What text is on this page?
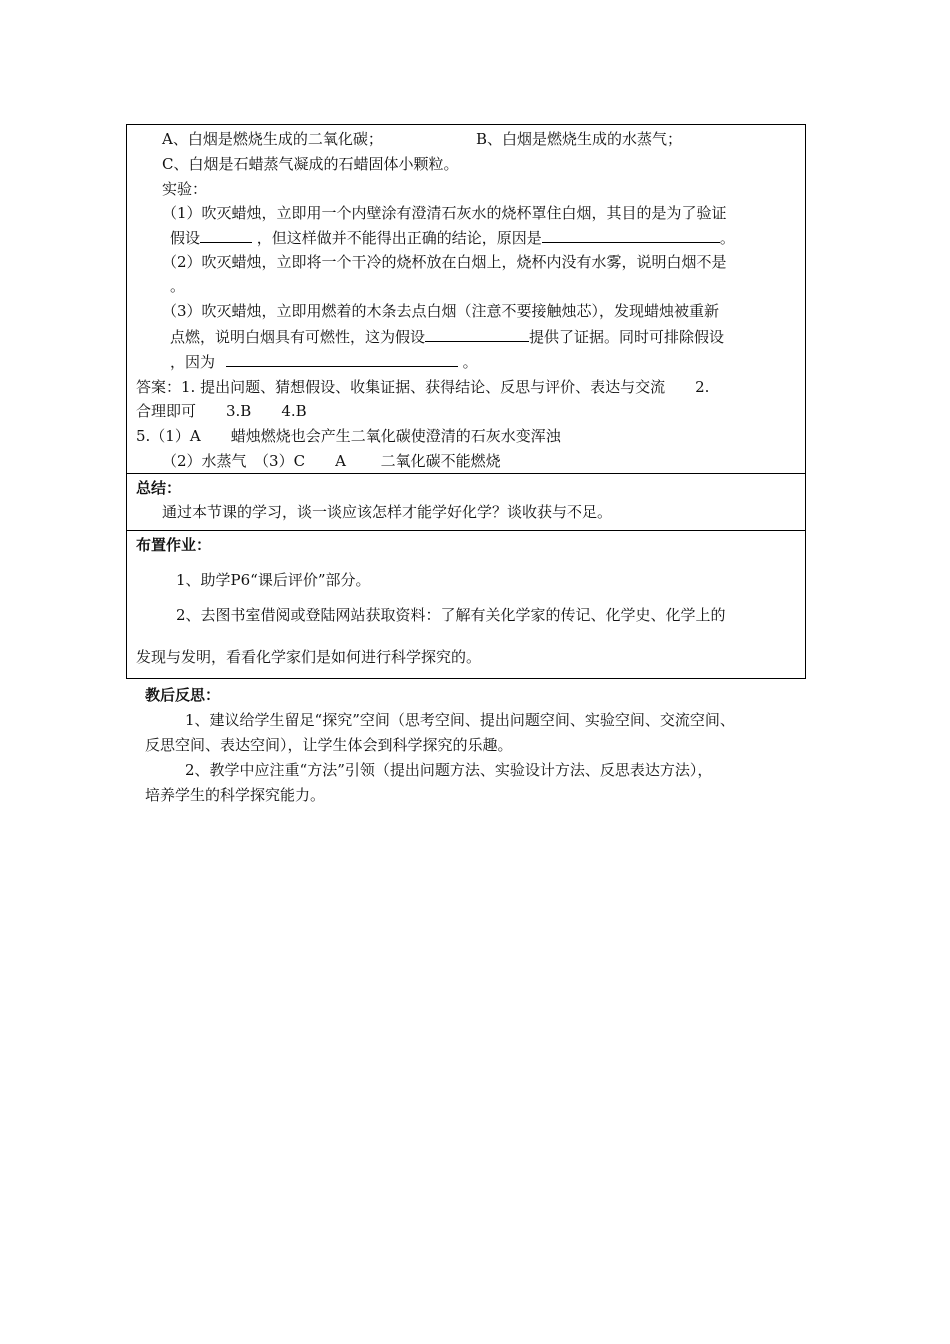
A、白烟是燃烧生成的二氧化碳；	B、白烟是燃烧生成的水蒸气；
C、白烟是石蜡蒸气凝成的石蜡固体小颗粒。
实验：
（1）吹灭蜡烛，立即用一个内壁涂有澄清石灰水的烧杯罩住白烟，其目的是为了验证
假设	，但这样做并不能得出正确的结论，原因是	。
（2）吹灭蜡烛，立即将一个干冷的烧杯放在白烟上，烧杯内没有水雾，说明白烟不是
。
（3）吹灭蜡烛，立即用燃着的木条去点白烟（注意不要接触烛芯），发现蜡烛被重新
点燃，说明白烟具有可燃性，这为假设	提供了证据。同时可排除假设
，因为	。
答案：1. 提出问题、猜想假设、收集证据、获得结论、反思与评价、表达与交流　　2.
合理即可　　3.B　　4.B
5.（1）A　　蜡烛燃烧也会产生二氧化碳使澄清的石灰水变浑浊
（2）水蒸气　（3）C　　A　　 二氧化碳不能燃烧
总结：
通过本节课的学习，谈一谈应该怎样才能学好化学？谈收获与不足。
布置作业：
1、助学P6“课后评价”部分。
2、去图书室借阅或登陆网站获取资料：了解有关化学家的传记、化学史、化学上的
发现与发明，看看化学家们是如何进行科学探究的。
教后反思：
1、建议给学生留足“探究”空间（思考空间、提出问题空间、实验空间、交流空间、
反思空间、表达空间），让学生体会到科学探究的乐趣。
2、教学中应注重“方法”引领（提出问题方法、实验设计方法、反思表达方法），
培养学生的科学探究能力。
